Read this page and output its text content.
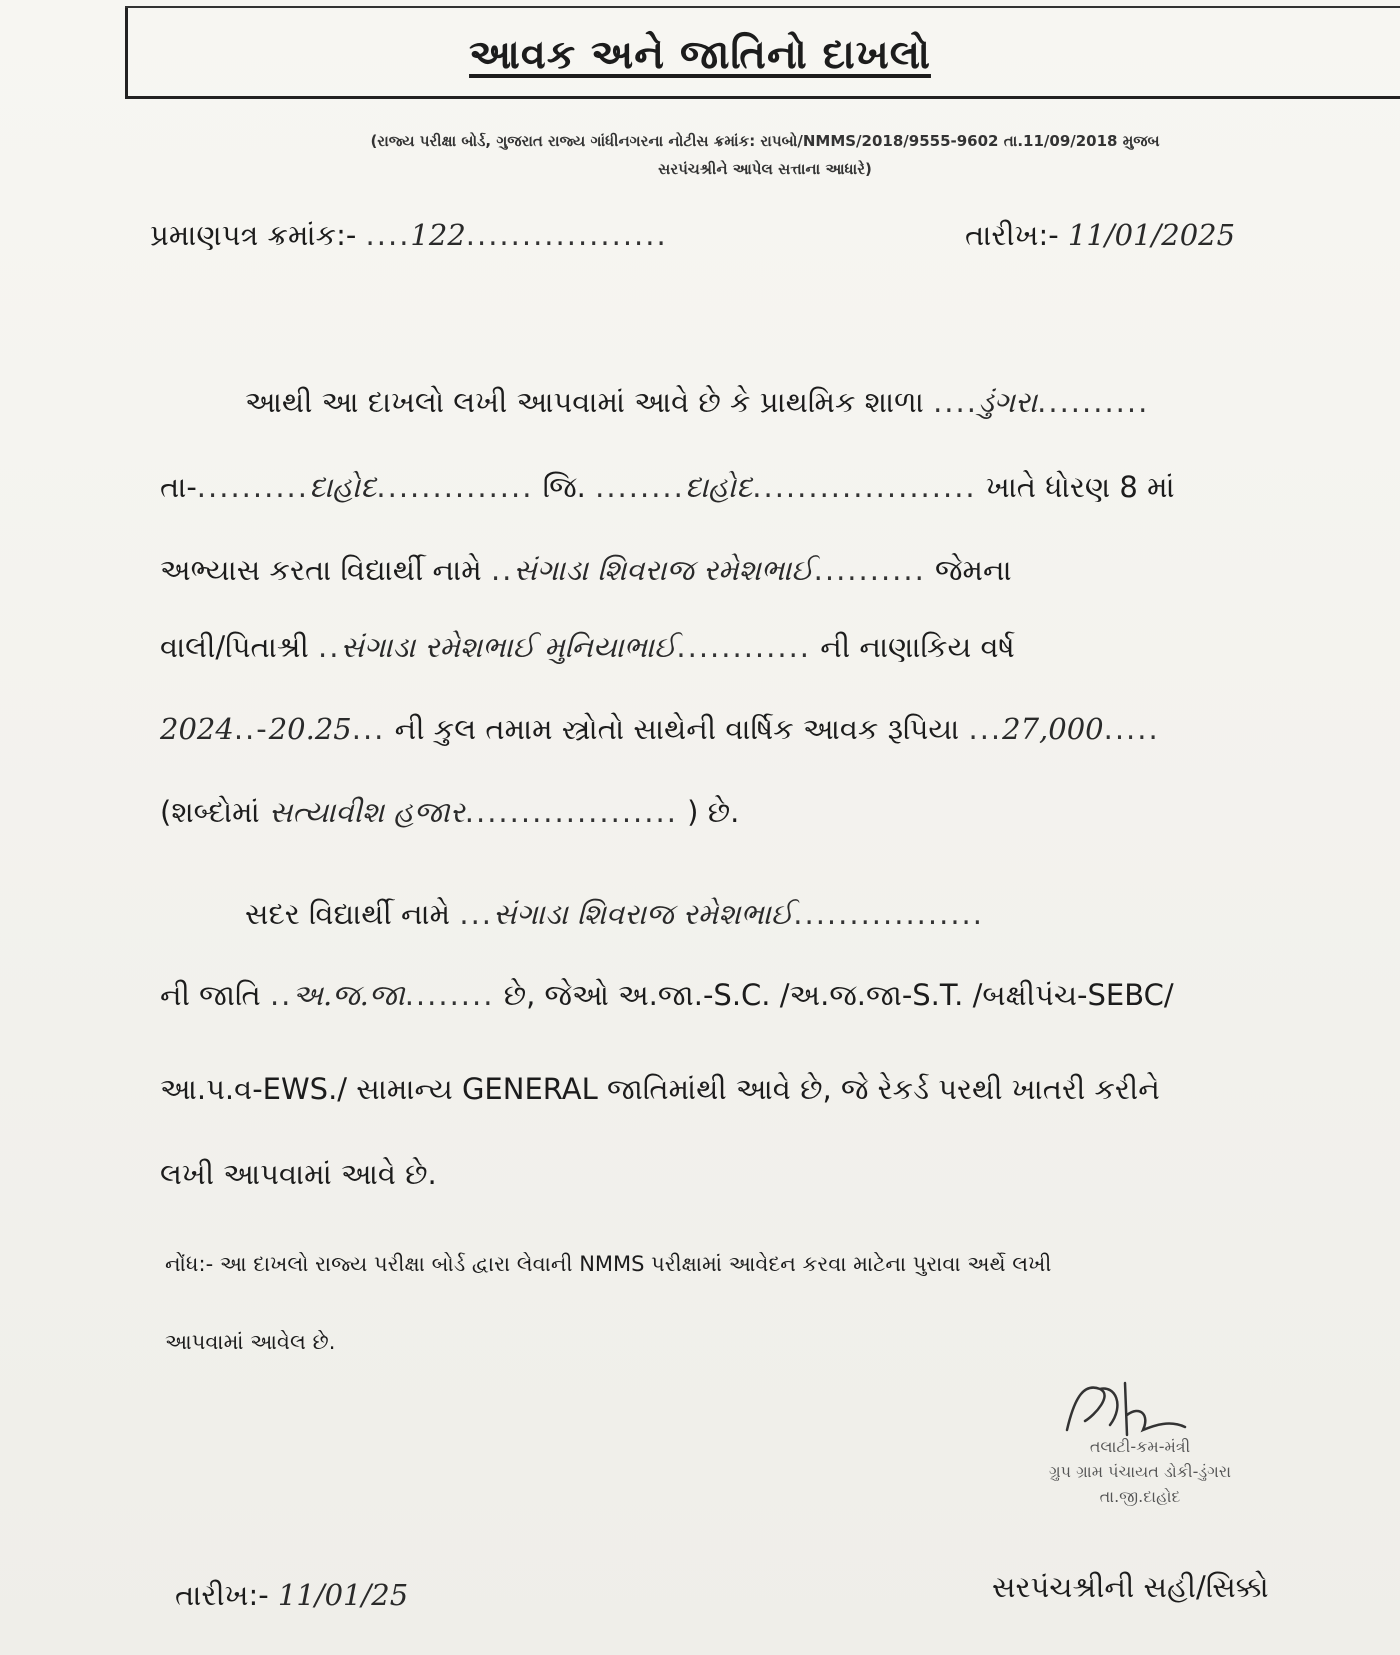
આવક અને જાતિનો દાખલો
(રાજ્ય પરીક્ષા બોર્ડ, ગુજરાત રાજ્ય ગાંધીનગરના નોટીસ ક્રમાંક: રાપબો/NMMS/2018/9555-9602 તા.11/09/2018 મુજબ
સરપંચશ્રીને આપેલ સત્તાના આધારે)
પ્રમાણપત્ર ક્રમાંક:- ....122..................	તારીખ:- 11/01/2025
આથી આ દાખલો લખી આપવામાં આવે છે કે પ્રાથમિક શાળા ....ડુંગરા..........
તા-..........દાહોદ.............. જિ. ........દાહોદ.................... ખાતે ધોરણ 8 માં
અભ્યાસ કરતા વિદ્યાર્થી નામે ..સંગાડા શિવરાજ રમેશભાઈ.......... જેમના
વાલી/પિતાશ્રી ..સંગાડા રમેશભાઈ મુનિયાભાઈ............ ની નાણાકિય વર્ષ
2024..-20.25... ની કુલ તમામ સ્ત્રોતો સાથેની વાર્ષિક આવક રૂપિયા ...27,000.....
(શબ્દોમાં સત્યાવીશ હજાર................... ) છે.
સદર વિદ્યાર્થી નામે ...સંગાડા શિવરાજ રમેશભાઈ.................
ની જાતિ ..અ.જ.જા........ છે, જેઓ અ.જા.-S.C. /અ.જ.જા-S.T. /બક્ષીપંચ-SEBC/
આ.પ.વ-EWS./ સામાન્ય GENERAL જાતિમાંથી આવે છે, જે રેકર્ડ પરથી ખાતરી કરીને
લખી આપવામાં આવે છે.
નોંધ:- આ દાખલો રાજ્ય પરીક્ષા બોર્ડ દ્વારા લેવાની NMMS પરીક્ષામાં આવેદન કરવા માટેના પુરાવા અર્થે લખી
આપવામાં આવેલ છે.
તલાટી-કમ-મંત્રી
ગ્રુપ ગ્રામ પંચાયત ડોકી-ડુંગરા
તા.જી.દાહોદ
તારીખ:- 11/01/25	સરપંચશ્રીની સહી/સિક્કો
